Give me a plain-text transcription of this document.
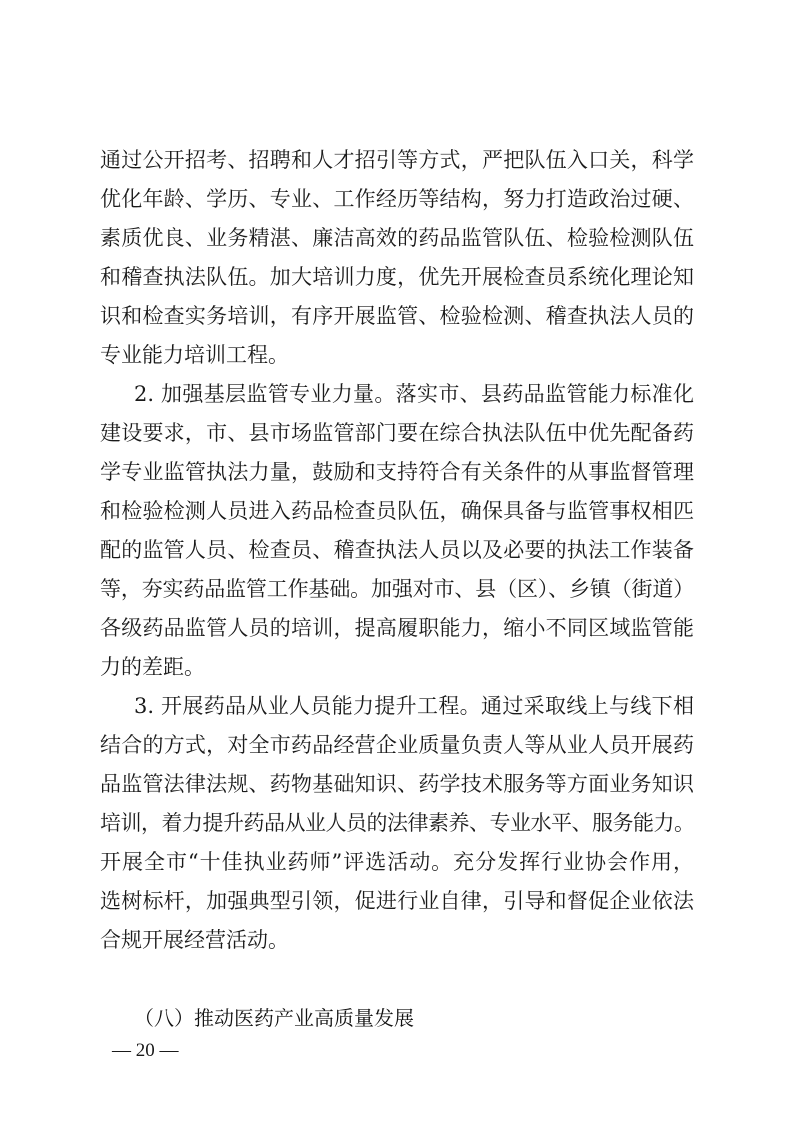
通过公开招考、招聘和人才招引等方式，严把队伍入口关，科学
优化年龄、学历、专业、工作经历等结构，努力打造政治过硬、
素质优良、业务精湛、廉洁高效的药品监管队伍、检验检测队伍
和稽查执法队伍。加大培训力度，优先开展检查员系统化理论知
识和检查实务培训，有序开展监管、检验检测、稽查执法人员的
专业能力培训工程。
2. 加强基层监管专业力量。落实市、县药品监管能力标准化
建设要求，市、县市场监管部门要在综合执法队伍中优先配备药
学专业监管执法力量，鼓励和支持符合有关条件的从事监督管理
和检验检测人员进入药品检查员队伍，确保具备与监管事权相匹
配的监管人员、检查员、稽查执法人员以及必要的执法工作装备
等，夯实药品监管工作基础。加强对市、县（区）、乡镇（街道）
各级药品监管人员的培训，提高履职能力，缩小不同区域监管能
力的差距。
3. 开展药品从业人员能力提升工程。通过采取线上与线下相
结合的方式，对全市药品经营企业质量负责人等从业人员开展药
品监管法律法规、药物基础知识、药学技术服务等方面业务知识
培训，着力提升药品从业人员的法律素养、专业水平、服务能力。
开展全市“十佳执业药师”评选活动。充分发挥行业协会作用，
选树标杆，加强典型引领，促进行业自律，引导和督促企业依法
合规开展经营活动。
（八）推动医药产业高质量发展
— 20 —
